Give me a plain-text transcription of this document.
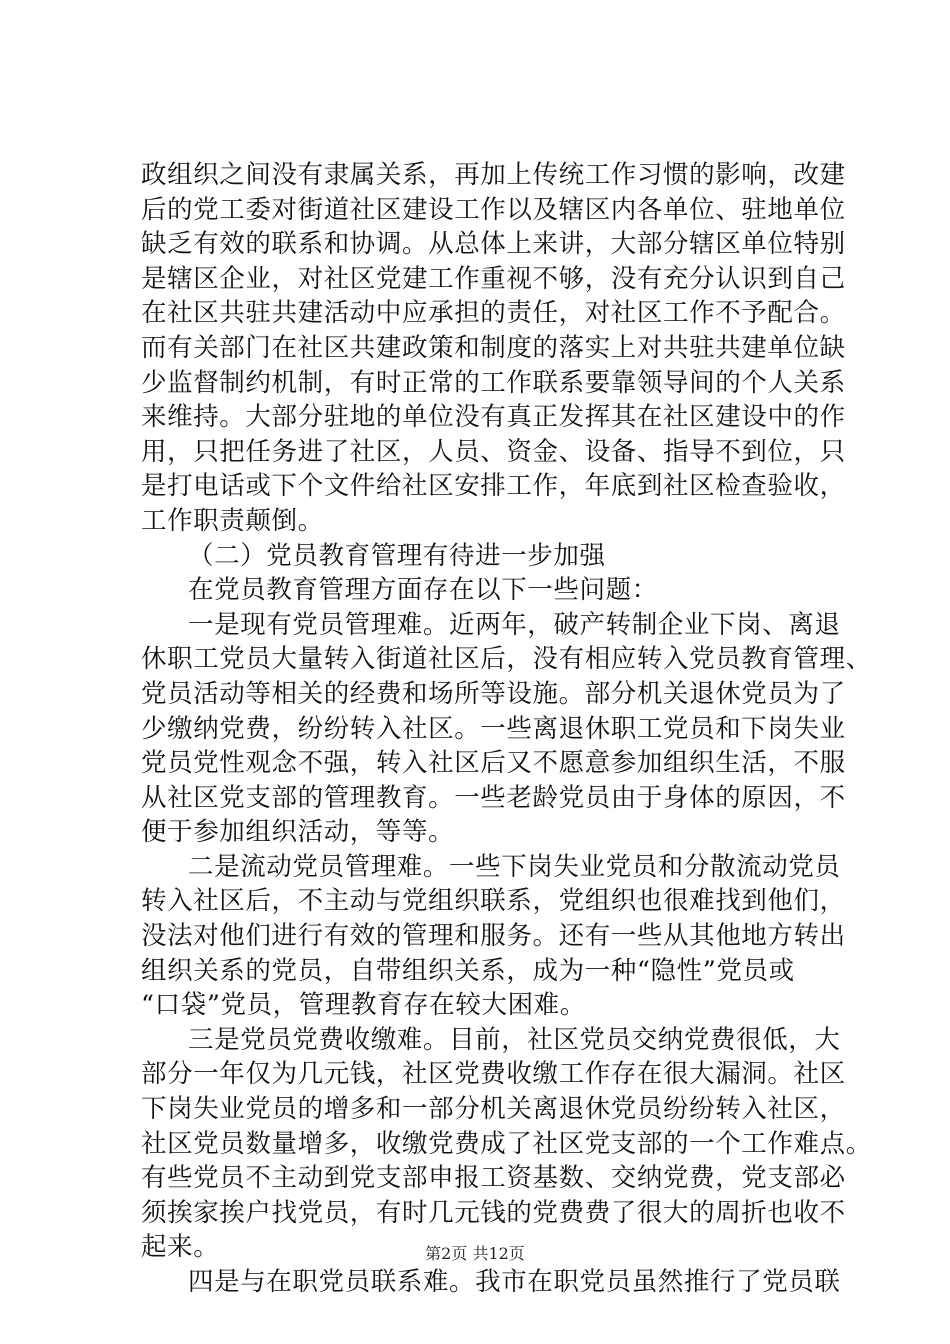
政组织之间没有隶属关系，再加上传统工作习惯的影响，改建
后的党工委对街道社区建设工作以及辖区内各单位、驻地单位
缺乏有效的联系和协调。从总体上来讲，大部分辖区单位特别
是辖区企业，对社区党建工作重视不够，没有充分认识到自己
在社区共驻共建活动中应承担的责任，对社区工作不予配合。
而有关部门在社区共建政策和制度的落实上对共驻共建单位缺
少监督制约机制，有时正常的工作联系要靠领导间的个人关系
来维持。大部分驻地的单位没有真正发挥其在社区建设中的作
用，只把任务进了社区，人员、资金、设备、指导不到位，只
是打电话或下个文件给社区安排工作，年底到社区检查验收，
工作职责颠倒。
（二）党员教育管理有待进一步加强
在党员教育管理方面存在以下一些问题：
一是现有党员管理难。近两年，破产转制企业下岗、离退
休职工党员大量转入街道社区后，没有相应转入党员教育管理、
党员活动等相关的经费和场所等设施。部分机关退休党员为了
少缴纳党费，纷纷转入社区。一些离退休职工党员和下岗失业
党员党性观念不强，转入社区后又不愿意参加组织生活，不服
从社区党支部的管理教育。一些老龄党员由于身体的原因，不
便于参加组织活动，等等。
二是流动党员管理难。一些下岗失业党员和分散流动党员
转入社区后，不主动与党组织联系，党组织也很难找到他们，
没法对他们进行有效的管理和服务。还有一些从其他地方转出
组织关系的党员，自带组织关系，成为一种“隐性”党员或
“口袋”党员，管理教育存在较大困难。
三是党员党费收缴难。目前，社区党员交纳党费很低，大
部分一年仅为几元钱，社区党费收缴工作存在很大漏洞。社区
下岗失业党员的增多和一部分机关离退休党员纷纷转入社区，
社区党员数量增多，收缴党费成了社区党支部的一个工作难点。
有些党员不主动到党支部申报工资基数、交纳党费，党支部必
须挨家挨户找党员，有时几元钱的党费费了很大的周折也收不
起来。
四是与在职党员联系难。我市在职党员虽然推行了党员联
第2页 共12页
